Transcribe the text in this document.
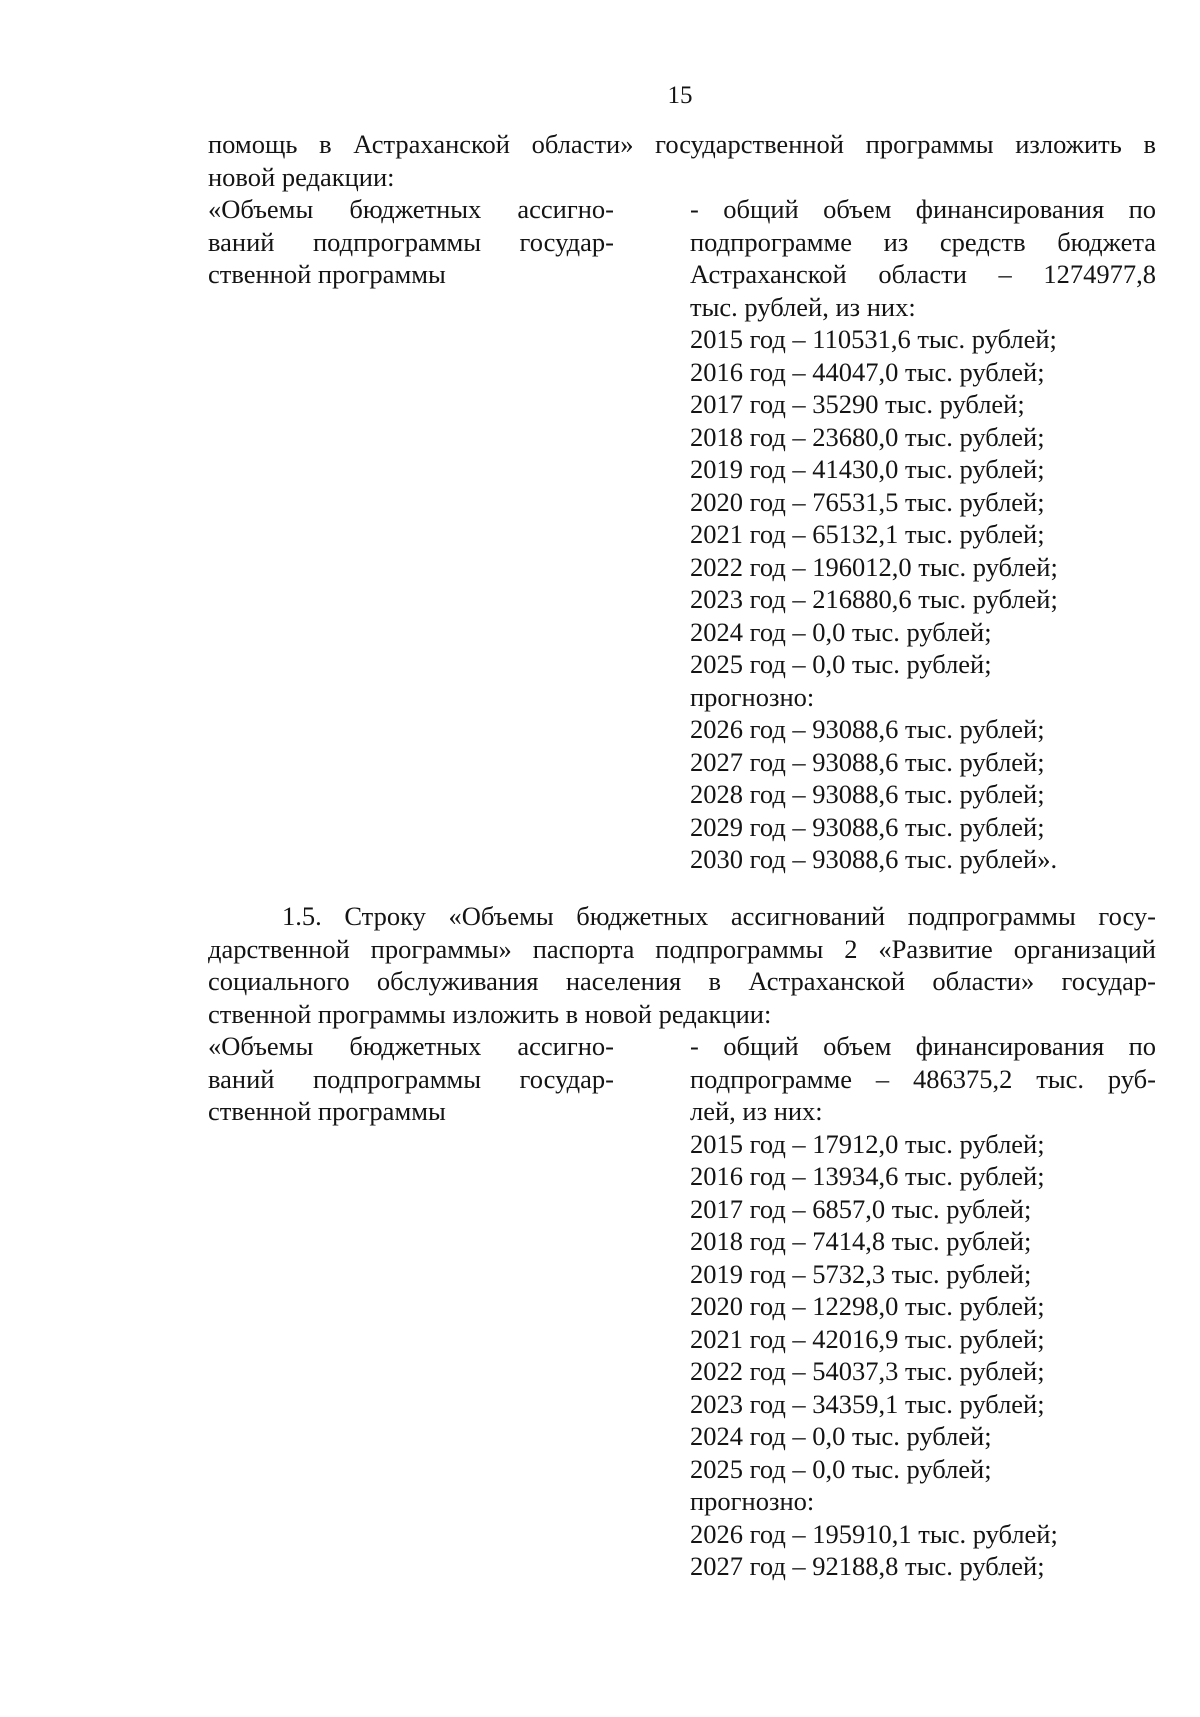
15
помощь в Астраханской области» государственной программы изложить в
новой редакции:
«Объемы бюджетных ассигно-
ваний подпрограммы государ-
ственной программы
- общий объем финансирования по
подпрограмме из средств бюджета
Астраханской области – 1274977,8
тыс. рублей, из них:
2015 год – 110531,6 тыс. рублей;
2016 год – 44047,0 тыс. рублей;
2017 год – 35290 тыс. рублей;
2018 год – 23680,0 тыс. рублей;
2019 год – 41430,0 тыс. рублей;
2020 год – 76531,5 тыс. рублей;
2021 год – 65132,1 тыс. рублей;
2022 год – 196012,0 тыс. рублей;
2023 год – 216880,6 тыс. рублей;
2024 год – 0,0 тыс. рублей;
2025 год – 0,0 тыс. рублей;
прогнозно:
2026 год – 93088,6 тыс. рублей;
2027 год – 93088,6 тыс. рублей;
2028 год – 93088,6 тыс. рублей;
2029 год – 93088,6 тыс. рублей;
2030 год – 93088,6 тыс. рублей».
1.5. Строку «Объемы бюджетных ассигнований подпрограммы госу-
дарственной программы» паспорта подпрограммы 2 «Развитие организаций
социального обслуживания населения в Астраханской области» государ-
ственной программы изложить в новой редакции:
«Объемы бюджетных ассигно-
ваний подпрограммы государ-
ственной программы
- общий объем финансирования по
подпрограмме – 486375,2 тыс. руб-
лей, из них:
2015 год – 17912,0 тыс. рублей;
2016 год – 13934,6 тыс. рублей;
2017 год – 6857,0 тыс. рублей;
2018 год – 7414,8 тыс. рублей;
2019 год – 5732,3 тыс. рублей;
2020 год – 12298,0 тыс. рублей;
2021 год – 42016,9 тыс. рублей;
2022 год – 54037,3 тыс. рублей;
2023 год – 34359,1 тыс. рублей;
2024 год – 0,0 тыс. рублей;
2025 год – 0,0 тыс. рублей;
прогнозно:
2026 год – 195910,1 тыс. рублей;
2027 год – 92188,8 тыс. рублей;
